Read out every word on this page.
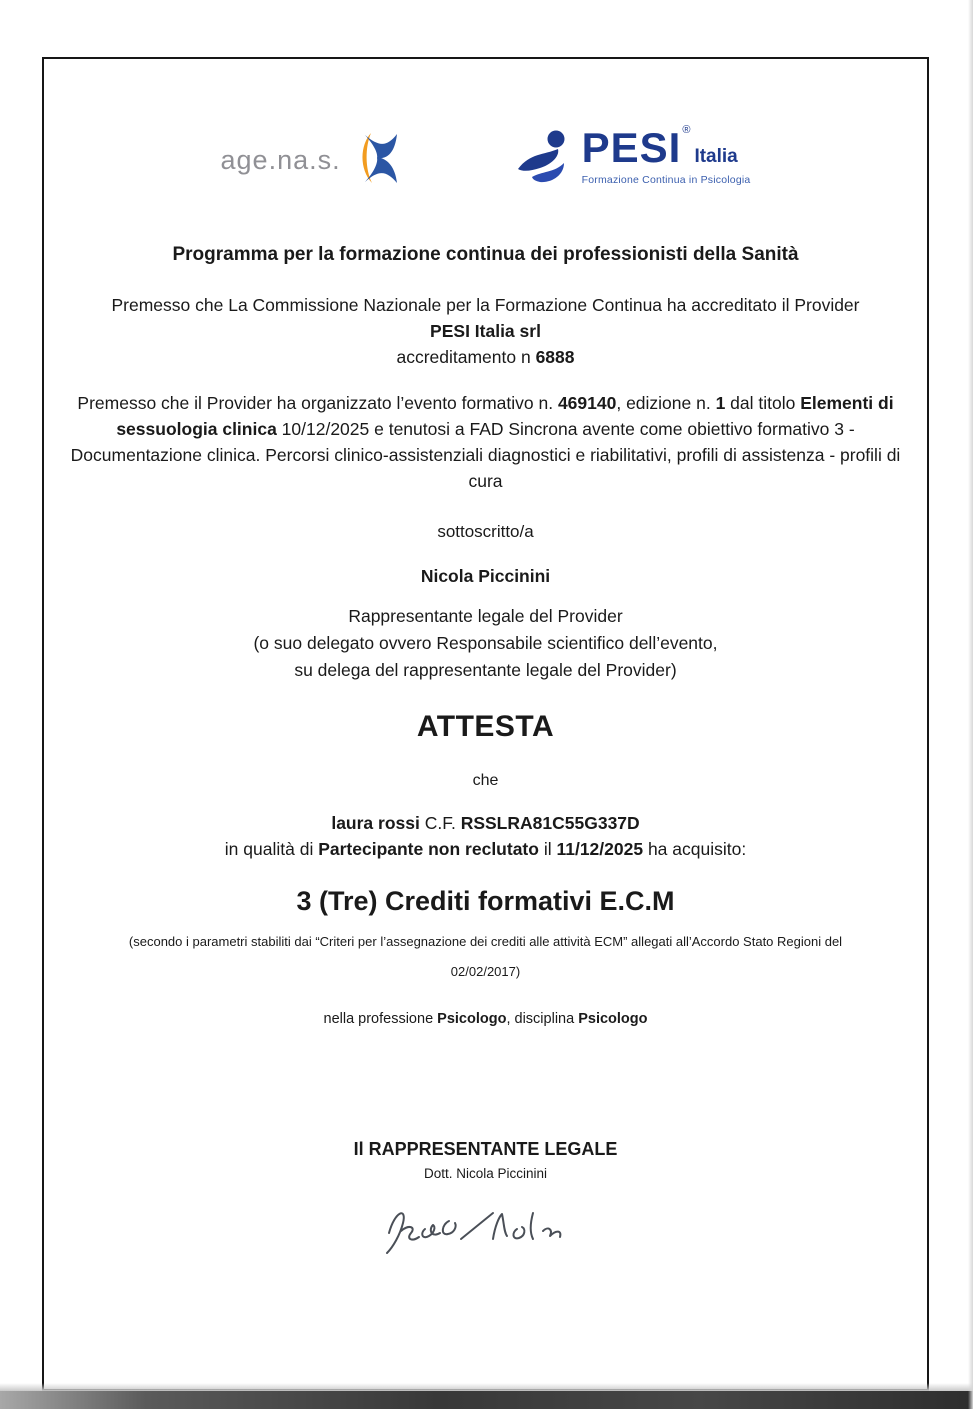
age.na.s.	PESI ®
Italia
Formazione Continua in Psicologia
Programma per la formazione continua dei professionisti della Sanità
Premesso che La Commissione Nazionale per la Formazione Continua ha accreditato il Provider
PESI Italia srl
accreditamento n 6888
Premesso che il Provider ha organizzato l’evento formativo n. 469140, edizione n. 1 dal titolo Elementi di sessuologia clinica 10/12/2025 e tenutosi a FAD Sincrona avente come obiettivo formativo 3 - Documentazione clinica. Percorsi clinico-assistenziali diagnostici e riabilitativi, profili di assistenza - profili di cura
sottoscritto/a
Nicola Piccinini
Rappresentante legale del Provider
(o suo delegato ovvero Responsabile scientifico dell’evento,
su delega del rappresentante legale del Provider)
ATTESTA
che
laura rossi C.F. RSSLRA81C55G337D
in qualità di Partecipante non reclutato il 11/12/2025 ha acquisito:
3 (Tre) Crediti formativi E.C.M
(secondo i parametri stabiliti dai “Criteri per l’assegnazione dei crediti alle attività ECM” allegati all’Accordo Stato Regioni del
02/02/2017)
nella professione Psicologo, disciplina Psicologo
Il RAPPRESENTANTE LEGALE
Dott. Nicola Piccinini
